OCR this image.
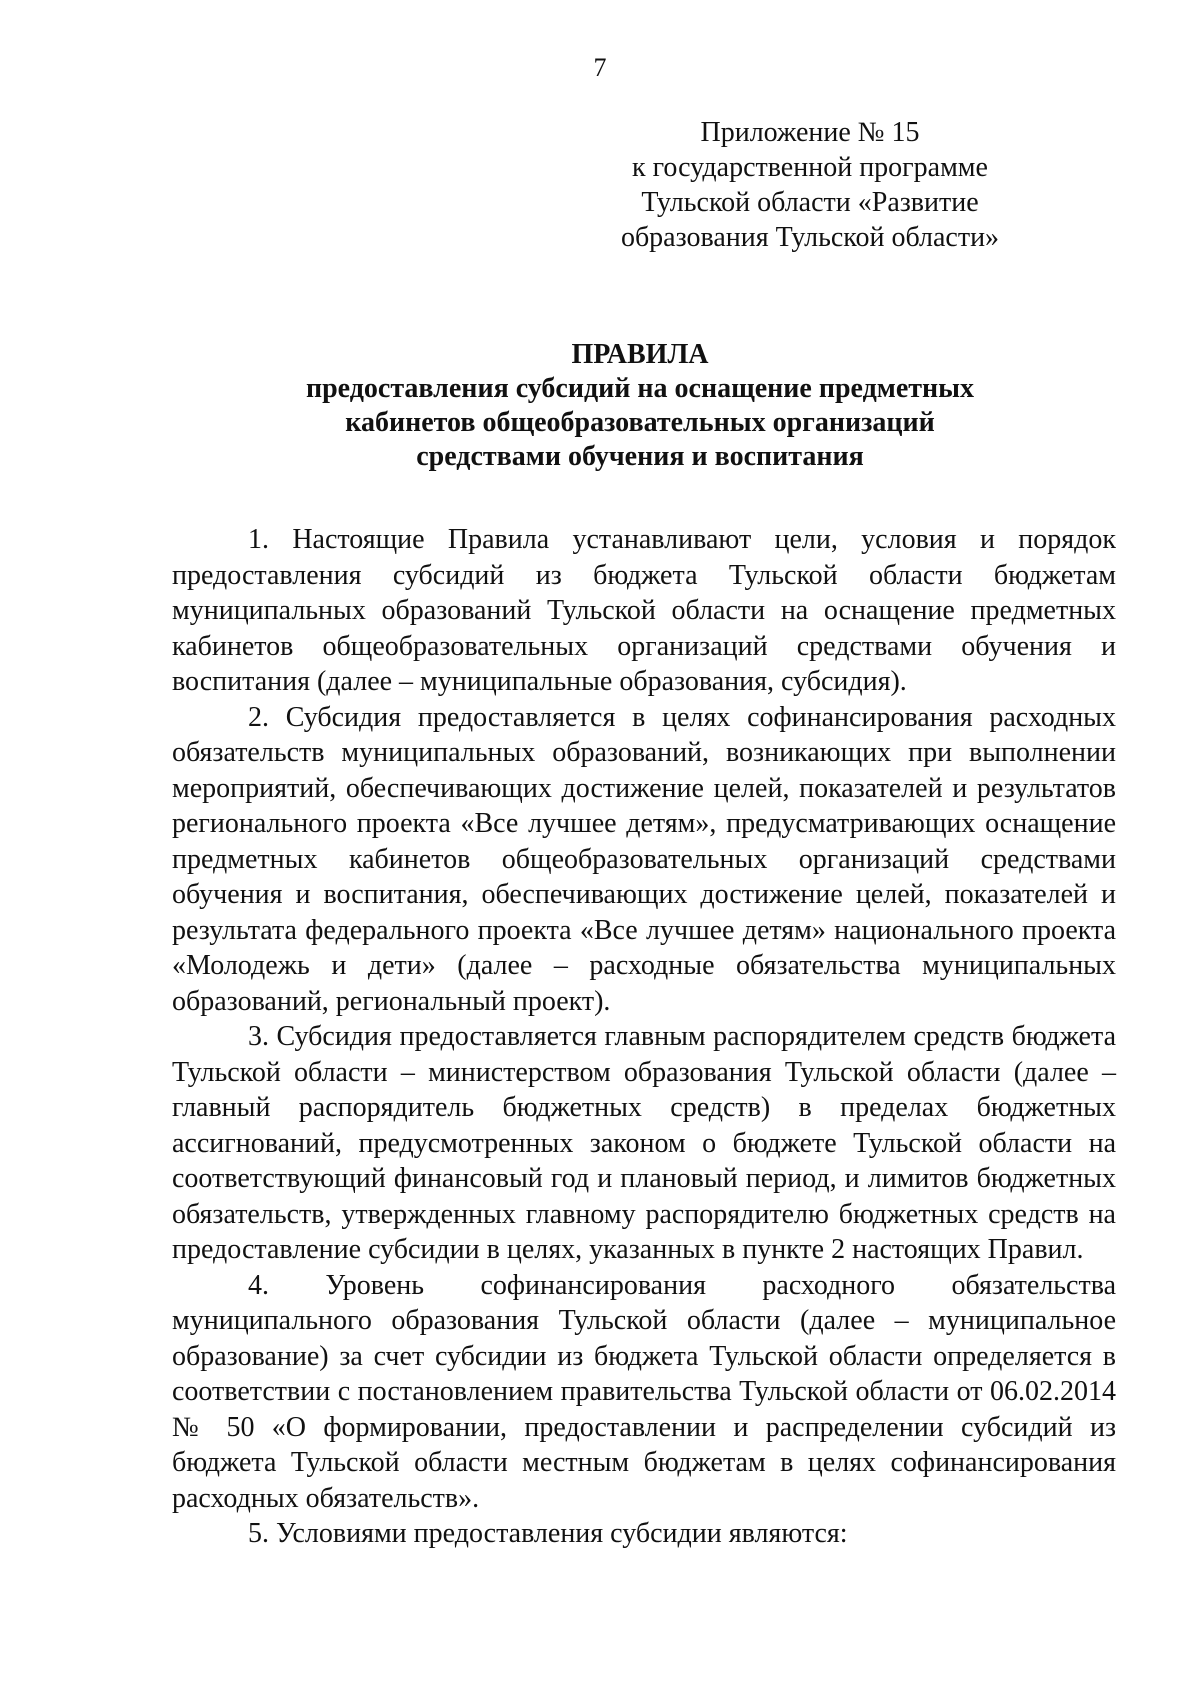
7
Приложение № 15
к государственной программе
Тульской области «Развитие
образования Тульской области»
ПРАВИЛА
предоставления субсидий на оснащение предметных
кабинетов общеобразовательных организаций
средствами обучения и воспитания

1. Настоящие Правила устанавливают цели, условия и порядок предоставления субсидий из бюджета Тульской области бюджетам муниципальных образований Тульской области на оснащение предметных кабинетов общеобразовательных организаций средствами обучения и воспитания (далее – муниципальные образования, субсидия).

2. Субсидия предоставляется в целях софинансирования расходных обязательств муниципальных образований, возникающих при выполнении мероприятий, обеспечивающих достижение целей, показателей и результатов регионального проекта «Все лучшее детям», предусматривающих оснащение предметных кабинетов общеобразовательных организаций средствами обучения и воспитания, обеспечивающих достижение целей, показателей и результата федерального проекта «Все лучшее детям» национального проекта «Молодежь и дети» (далее – расходные обязательства муниципальных образований, региональный проект).

3. Субсидия предоставляется главным распорядителем средств бюджета Тульской области – министерством образования Тульской области (далее – главный распорядитель бюджетных средств) в пределах бюджетных ассигнований, предусмотренных законом о бюджете Тульской области на соответствующий финансовый год и плановый период, и лимитов бюджетных обязательств, утвержденных главному распорядителю бюджетных средств на предоставление субсидии в целях, указанных в пункте 2 настоящих Правил.

4. Уровень софинансирования расходного обязательства муниципального образования Тульской области (далее – муниципальное образование) за счет субсидии из бюджета Тульской области определяется в соответствии с постановлением правительства Тульской области от 06.02.2014 № 50 «О формировании, предоставлении и распределении субсидий из бюджета Тульской области местным бюджетам в целях софинансирования расходных обязательств».

5. Условиями предоставления субсидии являются:
